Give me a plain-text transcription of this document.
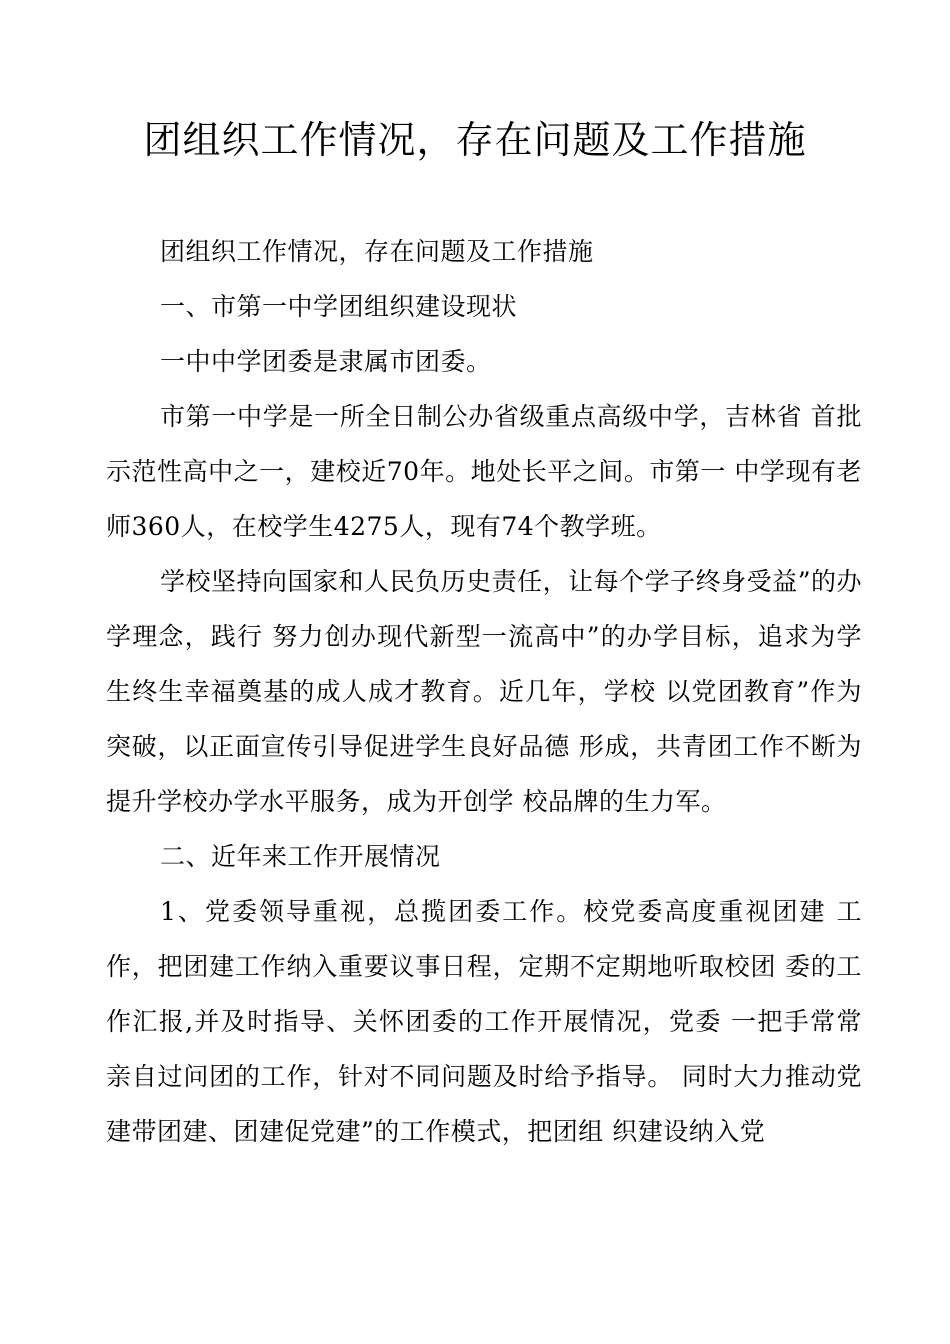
团组织工作情况，存在问题及工作措施

团组织工作情况，存在问题及工作措施

一、市第一中学团组织建设现状

一中中学团委是隶属市团委。

市第一中学是一所全日制公办省级重点高级中学，吉林省 首批示范性高中之一，建校近70年。地处长平之间。市第一 中学现有老师360人，在校学生4275人，现有74个教学班。

学校坚持向国家和人民负历史责任，让每个学子终身受益”的办学理念，践行 努力创办现代新型一流高中”的办学目标，追求为学生终生幸福奠基的成人成才教育。近几年，学校 以党团教育”作为突破，以正面宣传引导促进学生良好品德 形成，共青团工作不断为提升学校办学水平服务，成为开创学 校品牌的生力军。

二、近年来工作开展情况

1、党委领导重视，总揽团委工作。校党委高度重视团建 工作，把团建工作纳入重要议事日程，定期不定期地听取校团 委的工作汇报,并及时指导、关怀团委的工作开展情况，党委 一把手常常亲自过问团的工作，针对不同问题及时给予指导。 同时大力推动党建带团建、团建促党建”的工作模式，把团组 织建设纳入党
